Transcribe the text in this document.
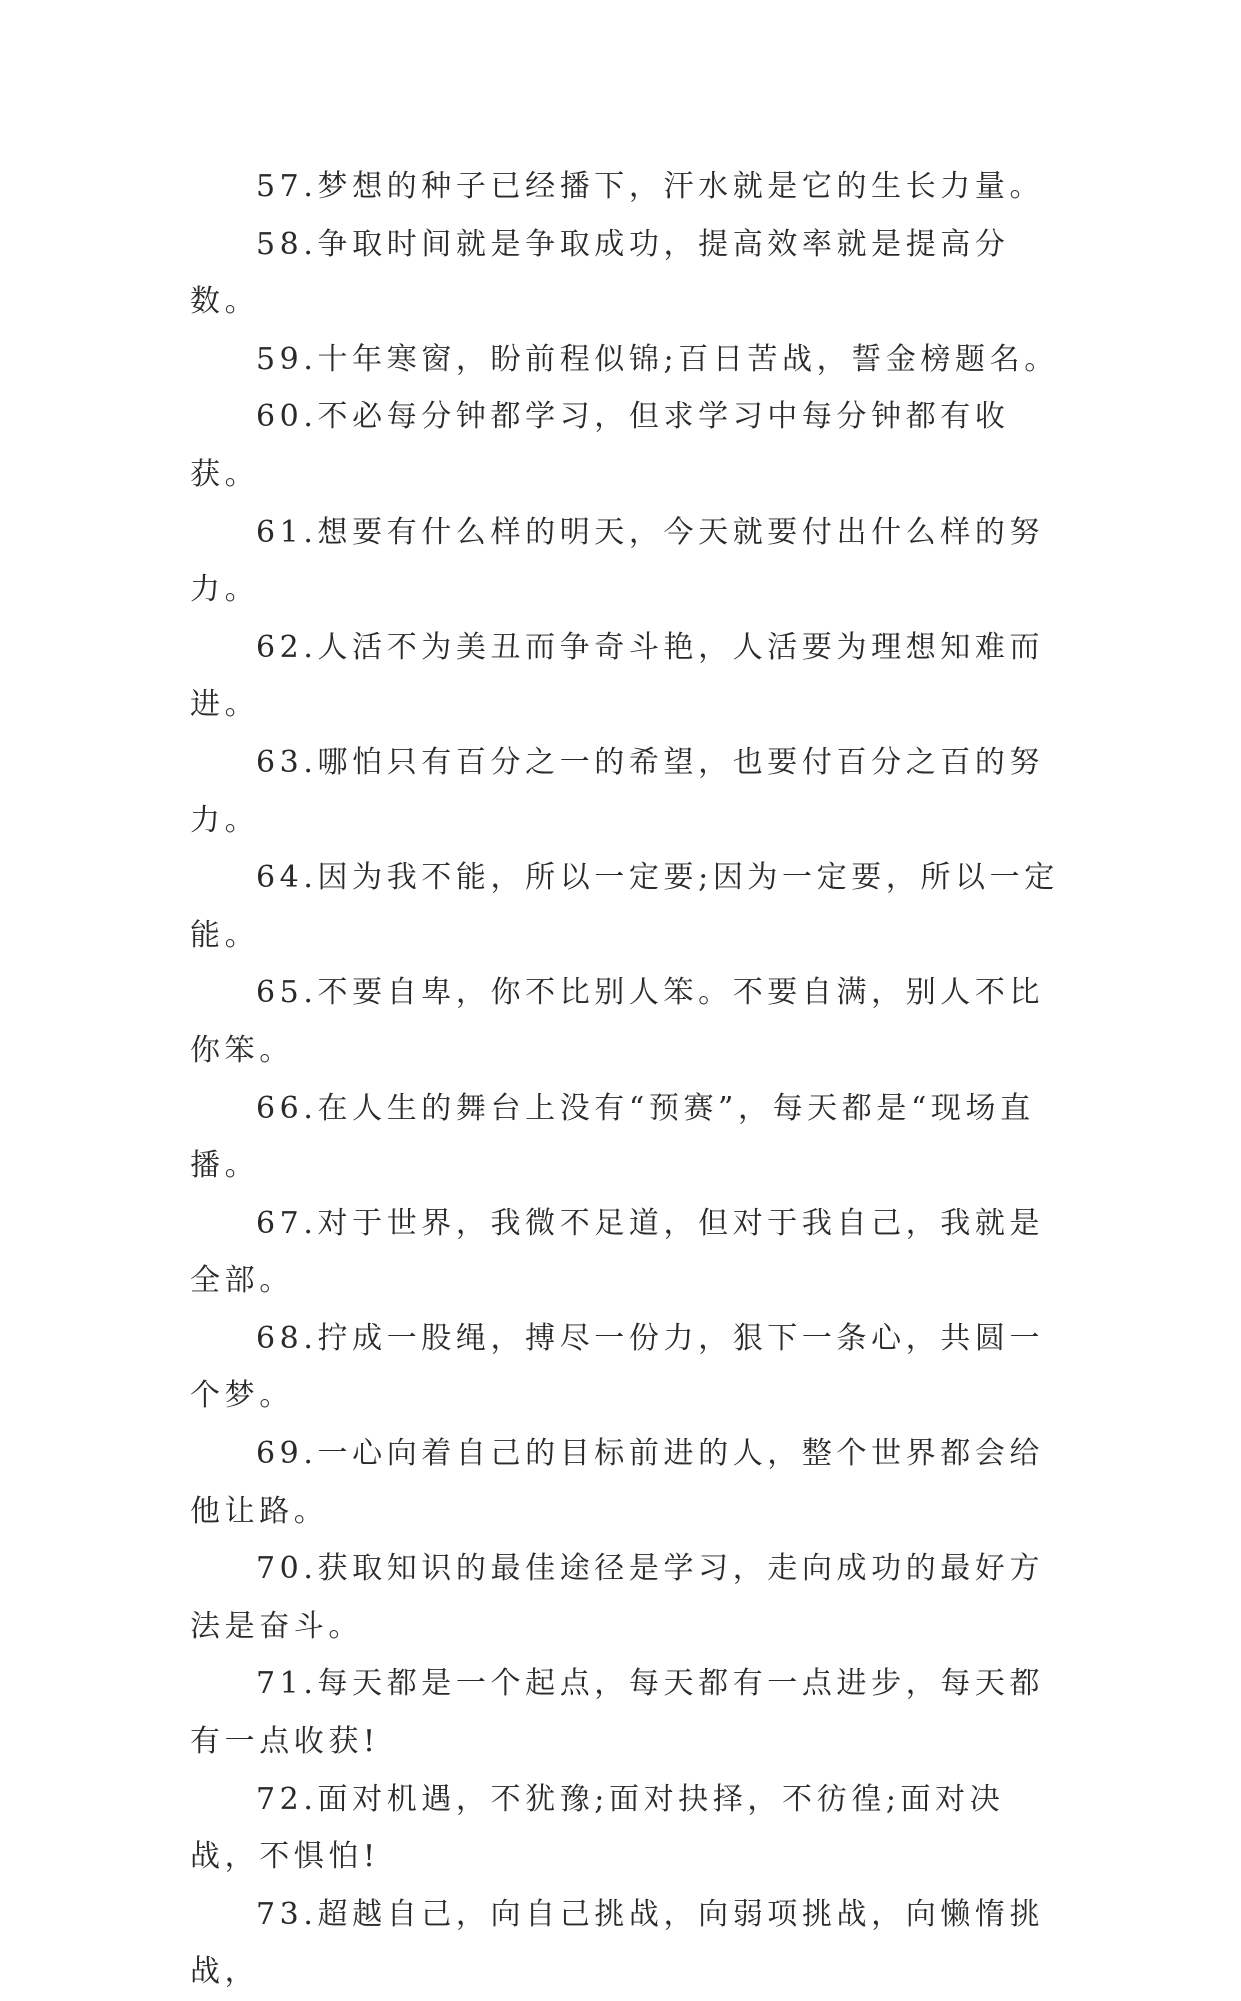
57.梦想的种子已经播下，汗水就是它的生长力量。

58.争取时间就是争取成功，提高效率就是提高分数。

59.十年寒窗，盼前程似锦;百日苦战，誓金榜题名。

60.不必每分钟都学习，但求学习中每分钟都有收获。

61.想要有什么样的明天，今天就要付出什么样的努力。

62.人活不为美丑而争奇斗艳，人活要为理想知难而进。

63.哪怕只有百分之一的希望，也要付百分之百的努力。

64.因为我不能，所以一定要;因为一定要，所以一定能。

65.不要自卑，你不比别人笨。不要自满，别人不比你笨。

66.在人生的舞台上没有“预赛”，每天都是“现场直播。

67.对于世界，我微不足道，但对于我自己，我就是全部。

68.拧成一股绳，搏尽一份力，狠下一条心，共圆一个梦。

69.一心向着自己的目标前进的人，整个世界都会给他让路。

70.获取知识的最佳途径是学习，走向成功的最好方法是奋斗。

71.每天都是一个起点，每天都有一点进步，每天都有一点收获!

72.面对机遇，不犹豫;面对抉择，不彷徨;面对决战，不惧怕!

73.超越自己，向自己挑战，向弱项挑战，向懒惰挑战，
